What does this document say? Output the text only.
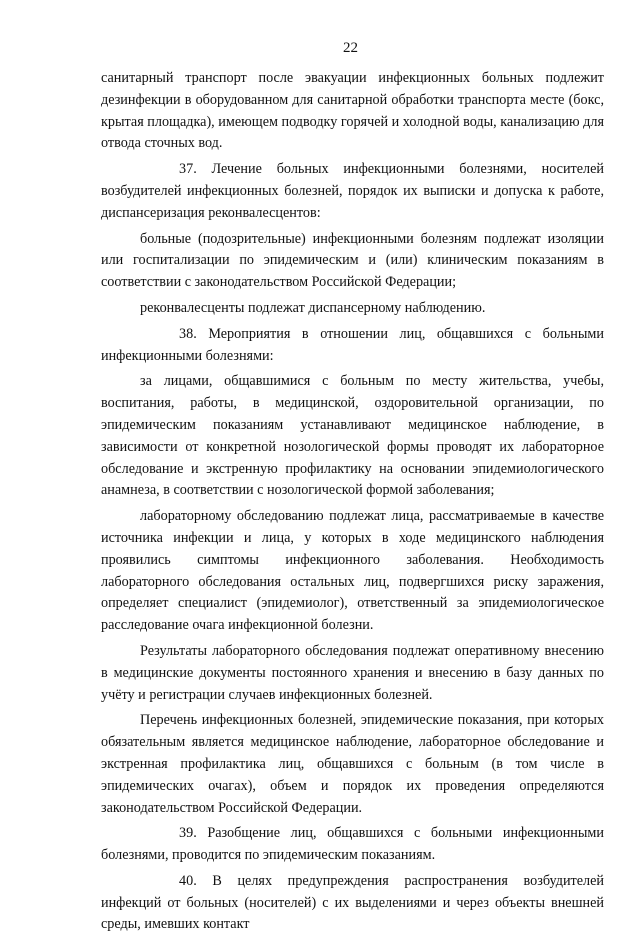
22

санитарный транспорт после эвакуации инфекционных больных подлежит дезинфекции в оборудованном для санитарной обработки транспорта месте (бокс, крытая площадка), имеющем подводку горячей и холодной воды, канализацию для отвода сточных вод.

37. Лечение больных инфекционными болезнями, носителей возбудителей инфекционных болезней, порядок их выписки и допуска к работе, диспансеризация реконвалесцентов:

больные (подозрительные) инфекционными болезням подлежат изоляции или госпитализации по эпидемическим и (или) клиническим показаниям в соответствии с законодательством Российской Федерации;

реконвалесценты подлежат диспансерному наблюдению.

38. Мероприятия в отношении лиц, общавшихся с больными инфекционными болезнями:

за лицами, общавшимися с больным по месту жительства, учебы, воспитания, работы, в медицинской, оздоровительной организации, по эпидемическим показаниям устанавливают медицинское наблюдение, в зависимости от конкретной нозологической формы проводят их лабораторное обследование и экстренную профилактику на основании эпидемиологического анамнеза, в соответствии с нозологической формой заболевания;

лабораторному обследованию подлежат лица, рассматриваемые в качестве источника инфекции и лица, у которых в ходе медицинского наблюдения проявились симптомы инфекционного заболевания. Необходимость лабораторного обследования остальных лиц, подвергшихся риску заражения, определяет специалист (эпидемиолог), ответственный за эпидемиологическое расследование очага инфекционной болезни.

Результаты лабораторного обследования подлежат оперативному внесению в медицинские документы постоянного хранения и внесению в базу данных по учёту и регистрации случаев инфекционных болезней.

Перечень инфекционных болезней, эпидемические показания, при которых обязательным является медицинское наблюдение, лабораторное обследование и экстренная профилактика лиц, общавшихся с больным (в том числе в эпидемических очагах), объем и порядок их проведения определяются законодательством Российской Федерации.

39. Разобщение лиц, общавшихся с больными инфекционными болезнями, проводится по эпидемическим показаниям.

40. В целях предупреждения распространения возбудителей инфекций от больных (носителей) с их выделениями и через объекты внешней среды, имевших контакт
